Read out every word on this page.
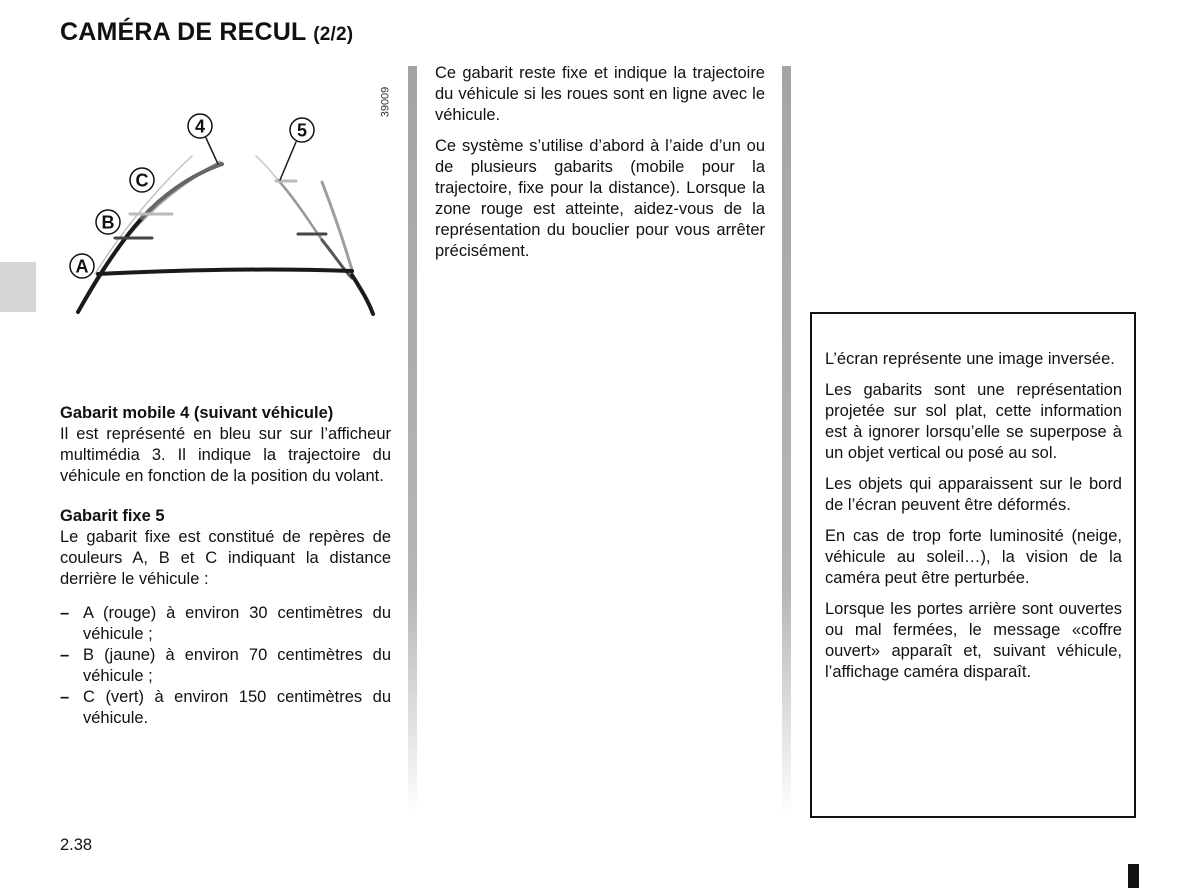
CAMÉRA DE RECUL (2/2)
4	5
C
B
A
39009

Gabarit mobile 4 (suivant véhicule)

Il est représenté en bleu sur sur l’afficheur multimédia 3. Il indique la trajectoire du véhicule en fonction de la position du volant.

Gabarit fixe 5

Le gabarit fixe est constitué de repères de couleurs A, B et C indiquant la distance derrière le véhicule :

– A (rouge) à environ 30 centimètres du véhicule ;
– B (jaune) à environ 70 centimètres du véhicule ;
– C (vert) à environ 150 centimètres du véhicule.

Ce gabarit reste fixe et indique la trajectoire du véhicule si les roues sont en ligne avec le véhicule.

Ce système s’utilise d’abord à l’aide d’un ou de plusieurs gabarits (mobile pour la trajectoire, fixe pour la distance). Lorsque la zone rouge est atteinte, aidez-vous de la représentation du bouclier pour vous arrêter précisément.

L’écran représente une image inversée.

Les gabarits sont une représentation projetée sur sol plat, cette information est à ignorer lorsqu’elle se superpose à un objet vertical ou posé au sol.

Les objets qui apparaissent sur le bord de l’écran peuvent être déformés.

En cas de trop forte luminosité (neige, véhicule au soleil…), la vision de la caméra peut être perturbée.

Lorsque les portes arrière sont ouvertes ou mal fermées, le message «coffre ouvert» apparaît et, suivant véhicule, l’affichage caméra disparaît.

2.38
